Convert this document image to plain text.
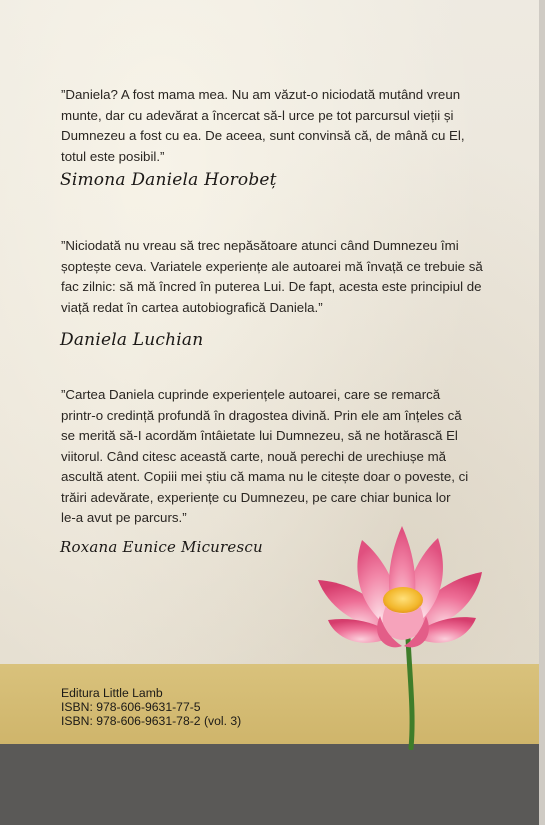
”Daniela? A fost mama mea. Nu am văzut-o niciodată mutând vreun
munte, dar cu adevărat a încercat să-l urce pe tot parcursul vieții și
Dumnezeu a fost cu ea. De aceea, sunt convinsă că, de mână cu El,
totul este posibil.”

Simona Daniela Horobeț

”Niciodată nu vreau să trec nepăsătoare atunci când Dumnezeu îmi
șoptește ceva. Variatele experiențe ale autoarei mă învață ce trebuie să
fac zilnic: să mă încred în puterea Lui. De fapt, acesta este principiul de
viață redat în cartea autobiografică Daniela.”

Daniela Luchian

”Cartea Daniela cuprinde experiențele autoarei, care se remarcă
printr-o credință profundă în dragostea divină. Prin ele am înțeles că
se merită să-I acordăm întâietate lui Dumnezeu, să ne hotărască El
viitorul. Când citesc această carte, nouă perechi de urechiușe mă
ascultă atent. Copiii mei știu că mama nu le citește doar o poveste, ci
trăiri adevărate, experiențe cu Dumnezeu, pe care chiar bunica lor
le-a avut pe parcurs.”

Roxana Eunice Micurescu

Editura Little Lamb

ISBN: 978-606-9631-77-5

ISBN: 978-606-9631-78-2 (vol. 3)
